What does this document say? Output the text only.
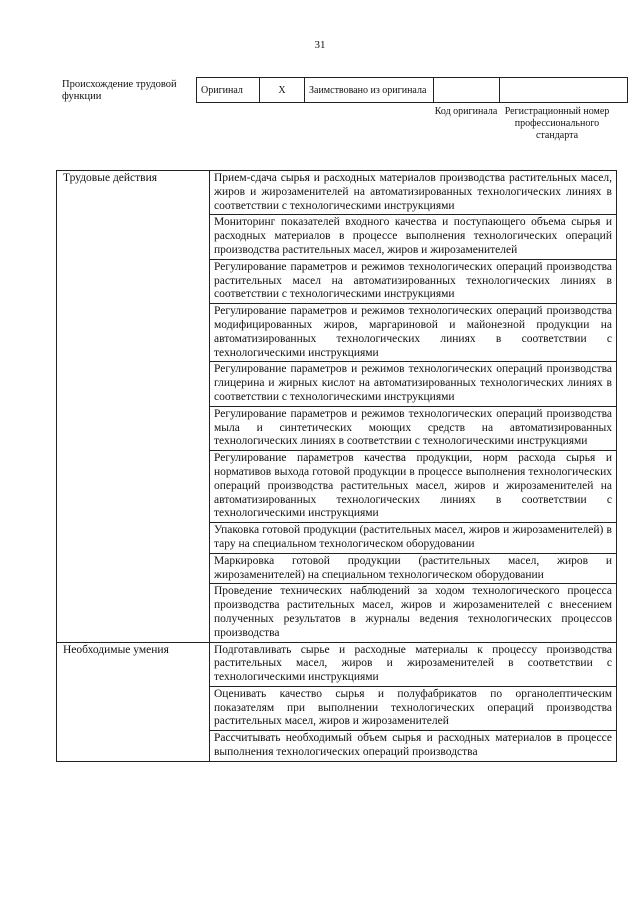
31
Происхождение трудовой функции
Оригинал	X	Заимствовано из оригинала		
Код оригинала Регистрационный номер профессионального стандарта
Трудовые действия	Прием-сдача сырья и расходных материалов производства растительных масел, жиров и жирозаменителей на автоматизированных технологических линиях в соответствии с технологическими инструкциями
	Мониторинг показателей входного качества и поступающего объема сырья и расходных материалов в процессе выполнения технологических операций производства растительных масел, жиров и жирозаменителей
	Регулирование параметров и режимов технологических операций производства растительных масел на автоматизированных технологических линиях в соответствии с технологическими инструкциями
	Регулирование параметров и режимов технологических операций производства модифицированных жиров, маргариновой и майонезной продукции на автоматизированных технологических линиях в соответствии с технологическими инструкциями
	Регулирование параметров и режимов технологических операций производства глицерина и жирных кислот на автоматизированных технологических линиях в соответствии с технологическими инструкциями
	Регулирование параметров и режимов технологических операций производства мыла и синтетических моющих средств на автоматизированных технологических линиях в соответствии с технологическими инструкциями
	Регулирование параметров качества продукции, норм расхода сырья и нормативов выхода готовой продукции в процессе выполнения технологических операций производства растительных масел, жиров и жирозаменителей на автоматизированных технологических линиях в соответствии с технологическими инструкциями
	Упаковка готовой продукции (растительных масел, жиров и жирозаменителей) в тару на специальном технологическом оборудовании
	Маркировка готовой продукции (растительных масел, жиров и жирозаменителей) на специальном технологическом оборудовании
	Проведение технических наблюдений за ходом технологического процесса производства растительных масел, жиров и жирозаменителей с внесением полученных результатов в журналы ведения технологических процессов производства
Необходимые умения	Подготавливать сырье и расходные материалы к процессу производства растительных масел, жиров и жирозаменителей в соответствии с технологическими инструкциями
	Оценивать качество сырья и полуфабрикатов по органолептическим показателям при выполнении технологических операций производства растительных масел, жиров и жирозаменителей
	Рассчитывать необходимый объем сырья и расходных материалов в процессе выполнения технологических операций производства
